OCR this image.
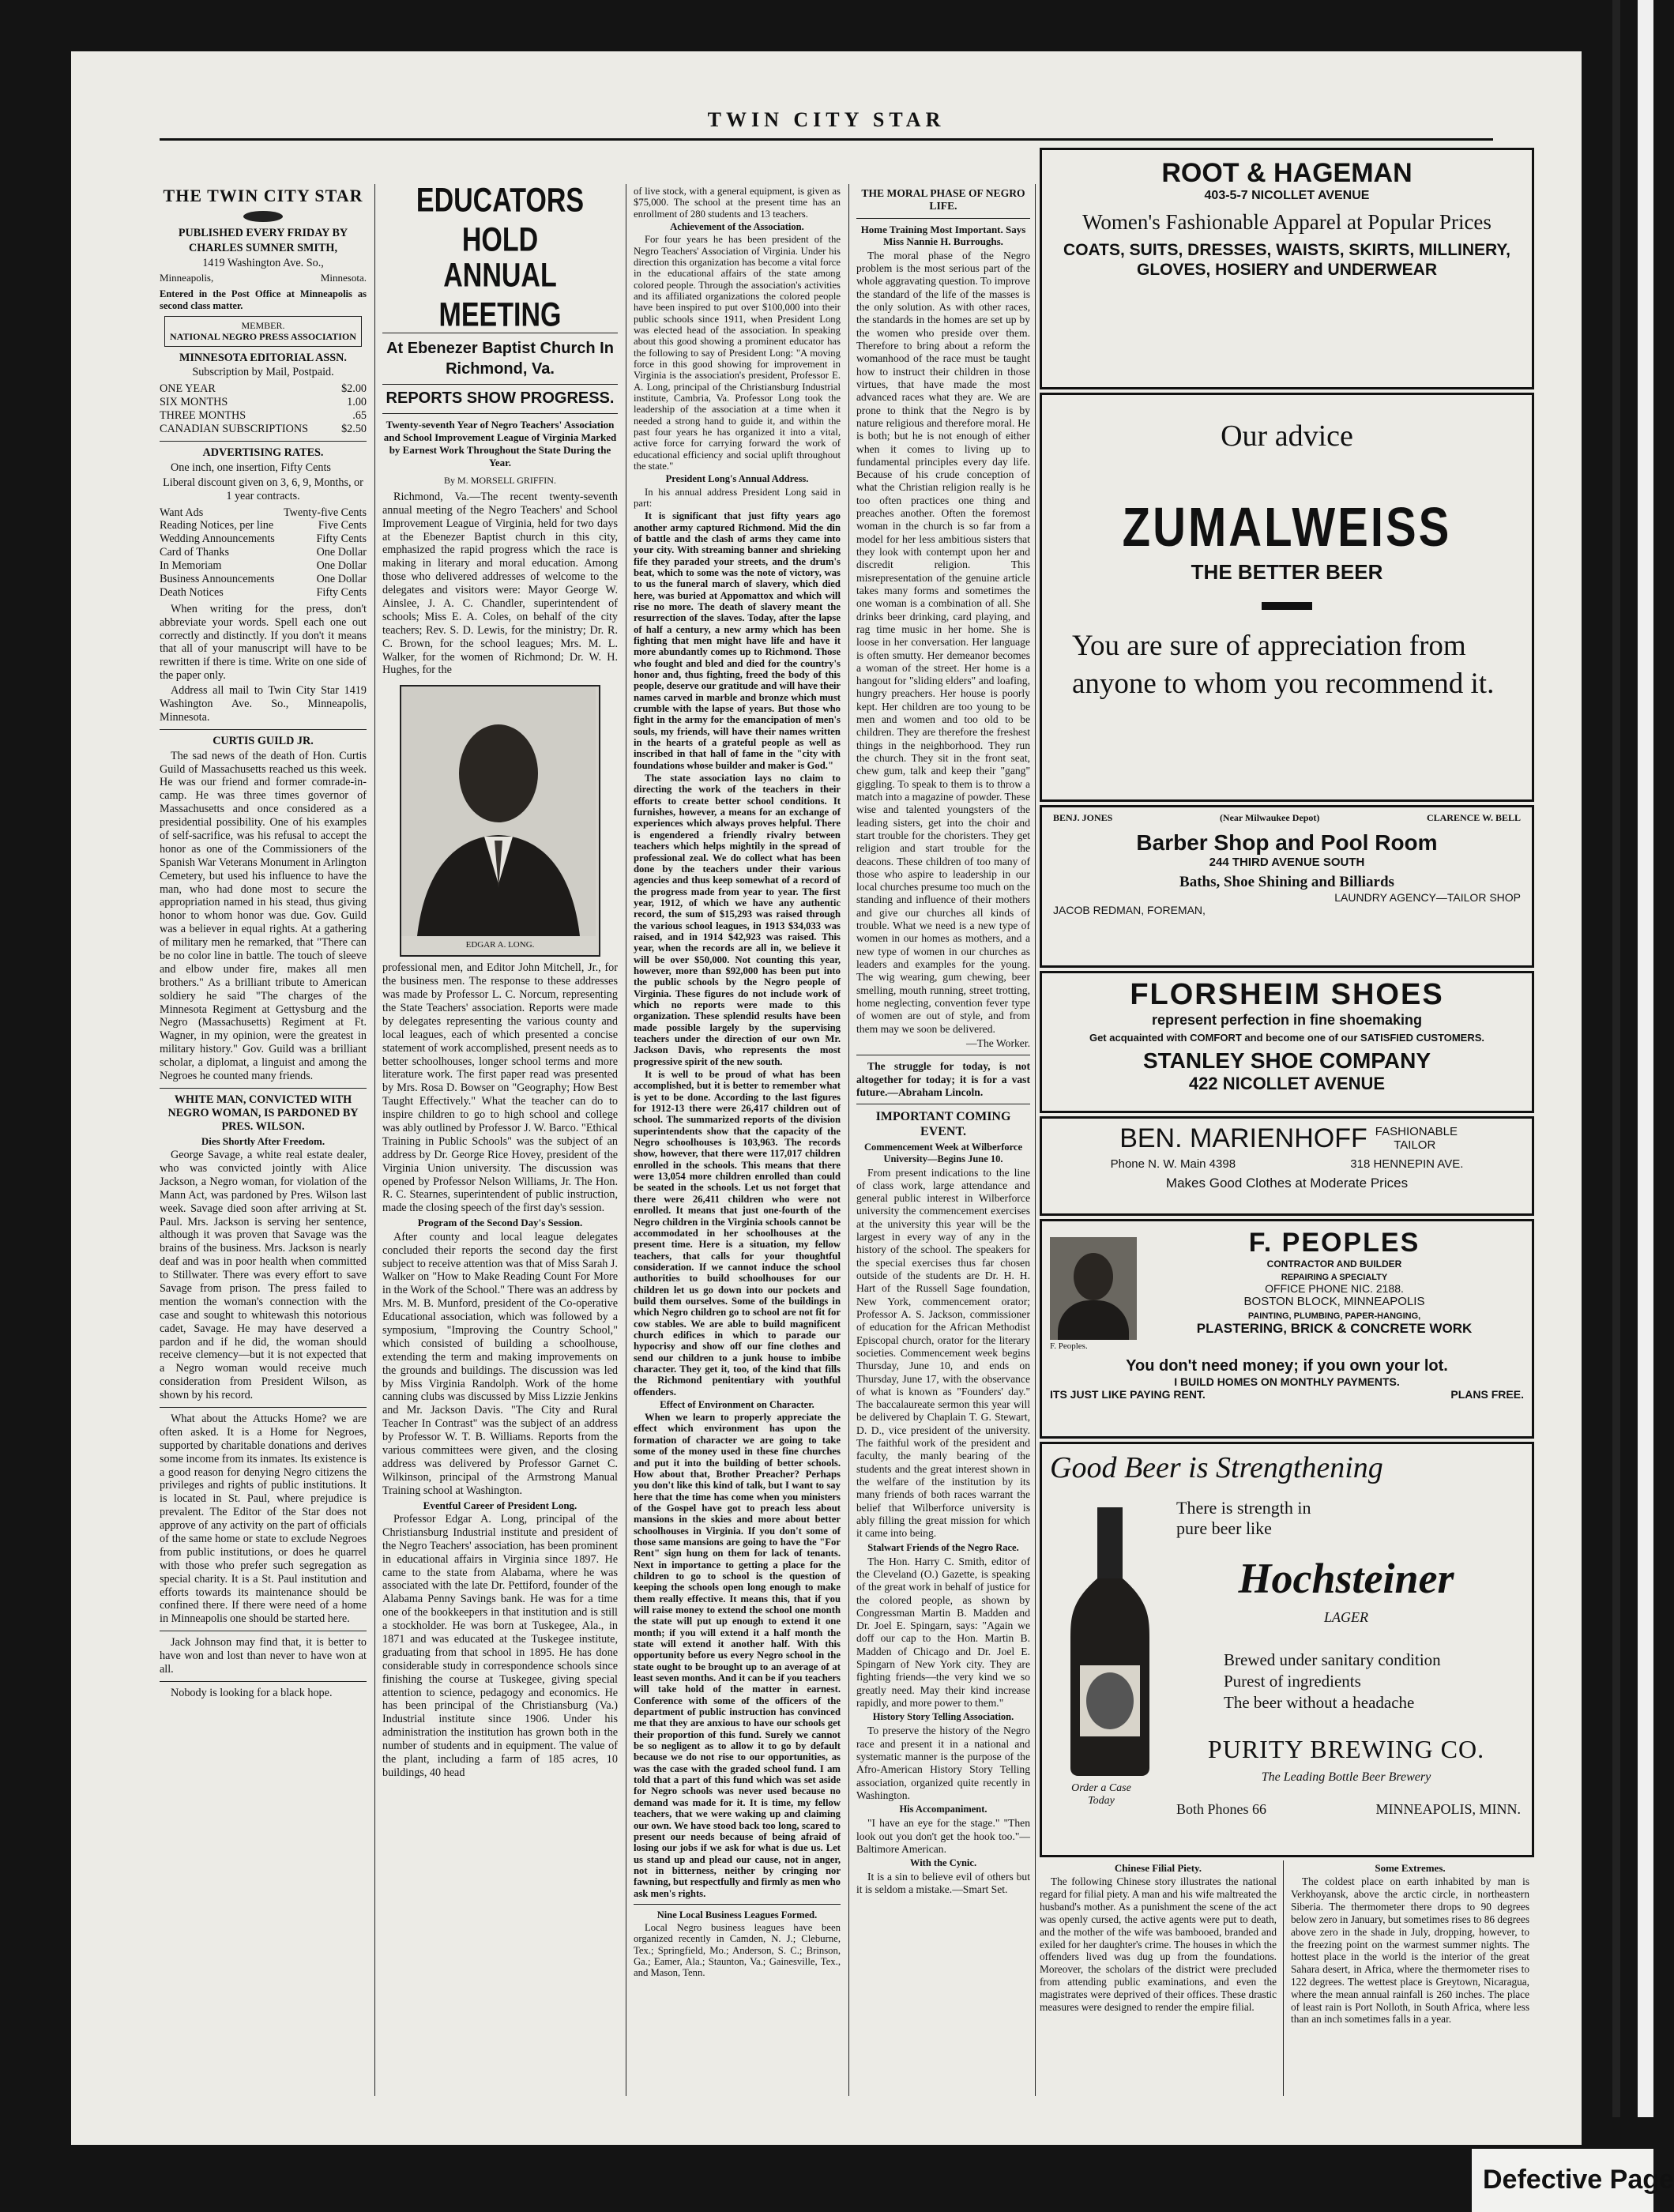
TWIN CITY STAR
THE TWIN CITY STAR
PUBLISHED EVERY FRIDAY BY
CHARLES SUMNER SMITH,
1419 Washington Ave. So.,
Minneapolis,	Minnesota.
Entered in the Post Office at Minneapolis as second class matter.
MEMBER.
NATIONAL NEGRO PRESS ASSOCIATION
MINNESOTA EDITORIAL ASSN.
Subscription by Mail, Postpaid.
ONE YEAR	$2.00
SIX MONTHS	1.00
THREE MONTHS	.65
CANADIAN SUBSCRIPTIONS	$2.50
ADVERTISING RATES.

One inch, one insertion, Fifty Cents

Liberal discount given on 3, 6, 9, Months, or 1 year contracts.

Want Ads	Twenty-five Cents
Reading Notices, per line	Five Cents
Wedding Announcements	Fifty Cents
Card of Thanks	One Dollar
In Memoriam	One Dollar
Business Announcements	One Dollar
Death Notices	Fifty Cents

When writing for the press, don't abbreviate your words. Spell each one out correctly and distinctly. If you don't it means that all of your manuscript will have to be rewritten if there is time. Write on one side of the paper only.

Address all mail to Twin City Star 1419 Washington Ave. So., Minneapolis, Minnesota.

CURTIS GUILD JR.

The sad news of the death of Hon. Curtis Guild of Massachusetts reached us this week. He was our friend and former comrade-in-camp. He was three times governor of Massachusetts and once considered as a presidential possibility. One of his examples of self-sacrifice, was his refusal to accept the honor as one of the Commissioners of the Spanish War Veterans Monument in Arlington Cemetery, but used his influence to have the man, who had done most to secure the appropriation named in his stead, thus giving honor to whom honor was due. Gov. Guild was a believer in equal rights. At a gathering of military men he remarked, that "There can be no color line in battle. The touch of sleeve and elbow under fire, makes all men brothers." As a brilliant tribute to American soldiery he said "The charges of the Minnesota Regiment at Gettysburg and the Negro (Massachusetts) Regiment at Ft. Wagner, in my opinion, were the greatest in military history." Gov. Guild was a brilliant scholar, a diplomat, a linguist and among the Negroes he counted many friends.

WHITE MAN, CONVICTED WITH NEGRO WOMAN, IS PARDONED BY PRES. WILSON.
Dies Shortly After Freedom.

George Savage, a white real estate dealer, who was convicted jointly with Alice Jackson, a Negro woman, for violation of the Mann Act, was pardoned by Pres. Wilson last week. Savage died soon after arriving at St. Paul. Mrs. Jackson is serving her sentence, although it was proven that Savage was the brains of the business. Mrs. Jackson is nearly deaf and was in poor health when committed to Stillwater. There was every effort to save Savage from prison. The press failed to mention the woman's connection with the case and sought to whitewash this notorious cadet, Savage. He may have deserved a pardon and if he did, the woman should receive clemency—but it is not expected that a Negro woman would receive much consideration from President Wilson, as shown by his record.

What about the Attucks Home? we are often asked. It is a Home for Negroes, supported by charitable donations and derives some income from its inmates. Its existence is a good reason for denying Negro citizens the privileges and rights of public institutions. It is located in St. Paul, where prejudice is prevalent. The Editor of the Star does not approve of any activity on the part of officials of the same home or state to exclude Negroes from public institutions, or does he quarrel with those who prefer such segregation as special charity. It is a St. Paul institution and efforts towards its maintenance should be confined there. If there were need of a home in Minneapolis one should be started here.

Jack Johnson may find that, it is better to have won and lost than never to have won at all.

Nobody is looking for a black hope.

EDUCATORS HOLD
ANNUAL MEETING
At Ebenezer Baptist Church In Richmond, Va.
REPORTS SHOW PROGRESS.
Twenty-seventh Year of Negro Teachers' Association and School Improvement League of Virginia Marked by Earnest Work Throughout the State During the Year.
By M. MORSELL GRIFFIN.

Richmond, Va.—The recent twenty-seventh annual meeting of the Negro Teachers' and School Improvement League of Virginia, held for two days at the Ebenezer Baptist church in this city, emphasized the rapid progress which the race is making in literary and moral education. Among those who delivered addresses of welcome to the delegates and visitors were: Mayor George W. Ainslee, J. A. C. Chandler, superintendent of schools; Miss E. A. Coles, on behalf of the city teachers; Rev. S. D. Lewis, for the ministry; Dr. R. C. Brown, for the school leagues; Mrs. M. L. Walker, for the women of Richmond; Dr. W. H. Hughes, for the

EDGAR A. LONG.

professional men, and Editor John Mitchell, Jr., for the business men. The response to these addresses was made by Professor L. C. Norcum, representing the State Teachers' association. Reports were made by delegates representing the various county and local leagues, each of which presented a concise statement of work accomplished, present needs as to better schoolhouses, longer school terms and more literature work. The first paper read was presented by Mrs. Rosa D. Bowser on "Geography; How Best Taught Effectively." What the teacher can do to inspire children to go to high school and college was ably outlined by Professor J. W. Barco. "Ethical Training in Public Schools" was the subject of an address by Dr. George Rice Hovey, president of the Virginia Union university. The discussion was opened by Professor Nelson Williams, Jr. The Hon. R. C. Stearnes, superintendent of public instruction, made the closing speech of the first day's session.

Program of the Second Day's Session.

After county and local league delegates concluded their reports the second day the first subject to receive attention was that of Miss Sarah J. Walker on "How to Make Reading Count For More in the Work of the School." There was an address by Mrs. M. B. Munford, president of the Co-operative Educational association, which was followed by a symposium, "Improving the Country School," which consisted of building a schoolhouse, extending the term and making improvements on the grounds and buildings. The discussion was led by Miss Virginia Randolph. Work of the home canning clubs was discussed by Miss Lizzie Jenkins and Mr. Jackson Davis. "The City and Rural Teacher In Contrast" was the subject of an address by Professor W. T. B. Williams. Reports from the various committees were given, and the closing address was delivered by Professor Garnet C. Wilkinson, principal of the Armstrong Manual Training school at Washington.

Eventful Career of President Long.

Professor Edgar A. Long, principal of the Christiansburg Industrial institute and president of the Negro Teachers' association, has been prominent in educational affairs in Virginia since 1897. He came to the state from Alabama, where he was associated with the late Dr. Pettiford, founder of the Alabama Penny Savings bank. He was for a time one of the bookkeepers in that institution and is still a stockholder. He was born at Tuskegee, Ala., in 1871 and was educated at the Tuskegee institute, graduating from that school in 1895. He has done considerable study in correspondence schools since finishing the course at Tuskegee, giving special attention to science, pedagogy and economics. He has been principal of the Christiansburg (Va.) Industrial institute since 1906. Under his administration the institution has grown both in the number of students and in equipment. The value of the plant, including a farm of 185 acres, 10 buildings, 40 head

of live stock, with a general equipment, is given as $75,000. The school at the present time has an enrollment of 280 students and 13 teachers.

Achievement of the Association.

For four years he has been president of the Negro Teachers' Association of Virginia. Under his direction this organization has become a vital force in the educational affairs of the state among colored people. Through the association's activities and its affiliated organizations the colored people have been inspired to put over $100,000 into their public schools since 1911, when President Long was elected head of the association. In speaking about this good showing a prominent educator has the following to say of President Long: "A moving force in this good showing for improvement in Virginia is the association's president, Professor E. A. Long, principal of the Christiansburg Industrial institute, Cambria, Va. Professor Long took the leadership of the association at a time when it needed a strong hand to guide it, and within the past four years he has organized it into a vital, active force for carrying forward the work of educational efficiency and social uplift throughout the state."

President Long's Annual Address.

In his annual address President Long said in part:

It is significant that just fifty years ago another army captured Richmond. Mid the din of battle and the clash of arms they came into your city. With streaming banner and shrieking fife they paraded your streets, and the drum's beat, which to some was the note of victory, was to us the funeral march of slavery, which died here, was buried at Appomattox and which will rise no more. The death of slavery meant the resurrection of the slaves. Today, after the lapse of half a century, a new army which has been fighting that men might have life and have it more abundantly comes up to Richmond. Those who fought and bled and died for the country's honor and, thus fighting, freed the body of this people, deserve our gratitude and will have their names carved in marble and bronze which must crumble with the lapse of years. But those who fight in the army for the emancipation of men's souls, my friends, will have their names written in the hearts of a grateful people as well as inscribed in that hall of fame in the "city with foundations whose builder and maker is God."

The state association lays no claim to directing the work of the teachers in their efforts to create better school conditions. It furnishes, however, a means for an exchange of experiences which always proves helpful. There is engendered a friendly rivalry between teachers which helps mightily in the spread of professional zeal. We do collect what has been done by the teachers under their various agencies and thus keep somewhat of a record of the progress made from year to year. The first year, 1912, of which we have any authentic record, the sum of $15,293 was raised through the various school leagues, in 1913 $34,033 was raised, and in 1914 $42,923 was raised. This year, when the records are all in, we believe it will be over $50,000. Not counting this year, however, more than $92,000 has been put into the public schools by the Negro people of Virginia. These figures do not include work of which no reports were made to this organization. These splendid results have been made possible largely by the supervising teachers under the direction of our own Mr. Jackson Davis, who represents the most progressive spirit of the new south.

It is well to be proud of what has been accomplished, but it is better to remember what is yet to be done. According to the last figures for 1912-13 there were 26,417 children out of school. The summarized reports of the division superintendents show that the capacity of the Negro schoolhouses is 103,963. The records show, however, that there were 117,017 children enrolled in the schools. This means that there were 13,054 more children enrolled than could be seated in the schools. Let us not forget that there were 26,411 children who were not enrolled. It means that just one-fourth of the Negro children in the Virginia schools cannot be accommodated in her schoolhouses at the present time. Here is a situation, my fellow teachers, that calls for your thoughtful consideration. If we cannot induce the school authorities to build schoolhouses for our children let us go down into our pockets and build them ourselves. Some of the buildings in which Negro children go to school are not fit for cow stables. We are able to build magnificent church edifices in which to parade our hypocrisy and show off our fine clothes and send our children to a junk house to imbibe character. They get it, too, of the kind that fills the Richmond penitentiary with youthful offenders.

Effect of Environment on Character.

When we learn to properly appreciate the effect which environment has upon the formation of character we are going to take some of the money used in these fine churches and put it into the building of better schools. How about that, Brother Preacher? Perhaps you don't like this kind of talk, but I want to say here that the time has come when you ministers of the Gospel have got to preach less about mansions in the skies and more about better schoolhouses in Virginia. If you don't some of those same mansions are going to have the "For Rent" sign hung on them for lack of tenants. Next in importance to getting a place for the children to go to school is the question of keeping the schools open long enough to make them really effective. It means this, that if you will raise money to extend the school one month the state will put up enough to extend it one month; if you will extend it a half month the state will extend it another half. With this opportunity before us every Negro school in the state ought to be brought up to an average of at least seven months. And it can be if you teachers will take hold of the matter in earnest. Conference with some of the officers of the department of public instruction has convinced me that they are anxious to have our schools get their proportion of this fund. Surely we cannot be so negligent as to allow it to go by default because we do not rise to our opportunities, as was the case with the graded school fund. I am told that a part of this fund which was set aside for Negro schools was never used because no demand was made for it. It is time, my fellow teachers, that we were waking up and claiming our own. We have stood back too long, scared to present our needs because of being afraid of losing our jobs if we ask for what is due us. Let us stand up and plead our cause, not in anger, not in bitterness, neither by cringing nor fawning, but respectfully and firmly as men who ask men's rights.

Nine Local Business Leagues Formed.

Local Negro business leagues have been organized recently in Camden, N. J.; Cleburne, Tex.; Springfield, Mo.; Anderson, S. C.; Brinson, Ga.; Eamer, Ala.; Staunton, Va.; Gainesville, Tex., and Mason, Tenn.

THE MORAL PHASE OF NEGRO LIFE.
Home Training Most Important. Says Miss Nannie H. Burroughs.

The moral phase of the Negro problem is the most serious part of the whole aggravating question. To improve the standard of the life of the masses is the only solution. As with other races, the standards in the homes are set up by the women who preside over them. Therefore to bring about a reform the womanhood of the race must be taught how to instruct their children in those virtues, that have made the most advanced races what they are. We are prone to think that the Negro is by nature religious and therefore moral. He is both; but he is not enough of either when it comes to living up to fundamental principles every day life. Because of his crude conception of what the Christian religion really is he too often practices one thing and preaches another. Often the foremost woman in the church is so far from a model for her less ambitious sisters that they look with contempt upon her and discredit religion. This misrepresentation of the genuine article takes many forms and sometimes the one woman is a combination of all. She drinks beer drinking, card playing, and rag time music in her home. She is loose in her conversation. Her language is often smutty. Her demeanor becomes a woman of the street. Her home is a hangout for "sliding elders" and loafing, hungry preachers. Her house is poorly kept. Her children are too young to be men and women and too old to be children. They are therefore the freshest things in the neighborhood. They run the church. They sit in the front seat, chew gum, talk and keep their "gang" giggling. To speak to them is to throw a match into a magazine of powder. These wise and talented youngsters of the leading sisters, get into the choir and start trouble for the choristers. They get religion and start trouble for the deacons. These children of too many of those who aspire to leadership in our local churches presume too much on the standing and influence of their mothers and give our churches all kinds of trouble. What we need is a new type of women in our homes as mothers, and a new type of women in our churches as leaders and examples for the young. The wig wearing, gum chewing, beer smelling, mouth running, street trotting, home neglecting, convention fever type of women are out of style, and from them may we soon be delivered.

—The Worker.

The struggle for today, is not altogether for today; it is for a vast future.—Abraham Lincoln.

IMPORTANT COMING EVENT.
Commencement Week at Wilberforce University—Begins June 10.

From present indications to the line of class work, large attendance and general public interest in Wilberforce university the commencement exercises at the university this year will be the largest in every way of any in the history of the school. The speakers for the special exercises thus far chosen outside of the students are Dr. H. H. Hart of the Russell Sage foundation, New York, commencement orator; Professor A. S. Jackson, commissioner of education for the African Methodist Episcopal church, orator for the literary societies. Commencement week begins Thursday, June 10, and ends on Thursday, June 17, with the observance of what is known as "Founders' day." The baccalaureate sermon this year will be delivered by Chaplain T. G. Stewart, D. D., vice president of the university. The faithful work of the president and faculty, the manly bearing of the students and the great interest shown in the welfare of the institution by its many friends of both races warrant the belief that Wilberforce university is ably filling the great mission for which it came into being.

Stalwart Friends of the Negro Race.

The Hon. Harry C. Smith, editor of the Cleveland (O.) Gazette, is speaking of the great work in behalf of justice for the colored people, as shown by Congressman Martin B. Madden and Dr. Joel E. Spingarn, says: "Again we doff our cap to the Hon. Martin B. Madden of Chicago and Dr. Joel E. Spingarn of New York city. They are fighting friends—the very kind we so greatly need. May their kind increase rapidly, and more power to them."

History Story Telling Association.

To preserve the history of the Negro race and present it in a national and systematic manner is the purpose of the Afro-American History Story Telling association, organized quite recently in Washington.

His Accompaniment.

"I have an eye for the stage." "Then look out you don't get the hook too."—Baltimore American.

With the Cynic.

It is a sin to believe evil of others but it is seldom a mistake.—Smart Set.

ROOT & HAGEMAN
403-5-7 NICOLLET AVENUE
Women's Fashionable Apparel at Popular Prices
COATS, SUITS, DRESSES, WAISTS, SKIRTS, MILLINERY, GLOVES, HOSIERY and UNDERWEAR
Our advice
ZUMALWEISS
THE BETTER BEER
You are sure of appreciation from anyone to whom you recommend it.
BENJ. JONES	(Near Milwaukee Depot)	CLARENCE W. BELL
Barber Shop and Pool Room
244 THIRD AVENUE SOUTH
Baths, Shoe Shining and Billiards
LAUNDRY AGENCY—TAILOR SHOP
JACOB REDMAN, FOREMAN,
FLORSHEIM SHOES
represent perfection in fine shoemaking
Get acquainted with COMFORT and become one of our SATISFIED CUSTOMERS.
STANLEY SHOE COMPANY
422 NICOLLET AVENUE
BEN. MARIENHOFF FASHIONABLE TAILOR
Phone N. W. Main 4398	318 HENNEPIN AVE.
Makes Good Clothes at Moderate Prices
F. Peoples.
F. PEOPLES
CONTRACTOR AND BUILDER
REPAIRING A SPECIALTY
OFFICE PHONE NIC. 2188.
BOSTON BLOCK, MINNEAPOLIS
PAINTING, PLUMBING, PAPER-HANGING,
PLASTERING, BRICK & CONCRETE WORK
You don't need money; if you own your lot.
I BUILD HOMES ON MONTHLY PAYMENTS.
ITS JUST LIKE PAYING RENT.	PLANS FREE.
Good Beer is Strengthening
Order a Case Today
There is strength in pure beer like
Hochsteiner
LAGER
Brewed under sanitary condition
Purest of ingredients
The beer without a headache
PURITY BREWING CO.
The Leading Bottle Beer Brewery
Both Phones 66	MINNEAPOLIS, MINN.
Chinese Filial Piety.

The following Chinese story illustrates the national regard for filial piety. A man and his wife maltreated the husband's mother. As a punishment the scene of the act was openly cursed, the active agents were put to death, and the mother of the wife was bambooed, branded and exiled for her daughter's crime. The houses in which the offenders lived was dug up from the foundations. Moreover, the scholars of the district were precluded from attending public examinations, and even the magistrates were deprived of their offices. These drastic measures were designed to render the empire filial.

Some Extremes.

The coldest place on earth inhabited by man is Verkhoyansk, above the arctic circle, in northeastern Siberia. The thermometer there drops to 90 degrees below zero in January, but sometimes rises to 86 degrees above zero in the shade in July, dropping, however, to the freezing point on the warmest summer nights. The hottest place in the world is the interior of the great Sahara desert, in Africa, where the thermometer rises to 122 degrees. The wettest place is Greytown, Nicaragua, where the mean annual rainfall is 260 inches. The place of least rain is Port Nolloth, in South Africa, where less than an inch sometimes falls in a year.

Defective Page
